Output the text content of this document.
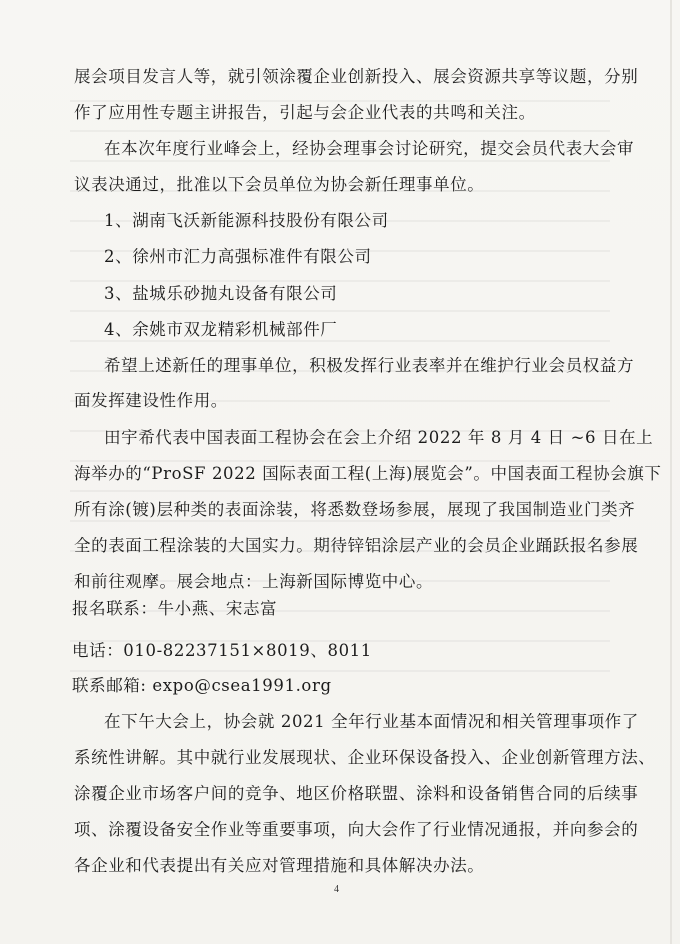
展会项目发言人等，就引领涂覆企业创新投入、展会资源共享等议题，分别
作了应用性专题主讲报告，引起与会企业代表的共鸣和关注。
在本次年度行业峰会上，经协会理事会讨论研究，提交会员代表大会审
议表决通过，批准以下会员单位为协会新任理事单位。
1、湖南飞沃新能源科技股份有限公司
2、徐州市汇力高强标准件有限公司
3、盐城乐砂抛丸设备有限公司
4、余姚市双龙精彩机械部件厂
希望上述新任的理事单位，积极发挥行业表率并在维护行业会员权益方
面发挥建设性作用。
田宇希代表中国表面工程协会在会上介绍 2022 年 8 月 4 日 ~6 日在上
海举办的“ProSF 2022 国际表面工程(上海)展览会”。中国表面工程协会旗下
所有涂(镀)层种类的表面涂装，将悉数登场参展，展现了我国制造业门类齐
全的表面工程涂装的大国实力。期待锌铝涂层产业的会员企业踊跃报名参展
和前往观摩。展会地点：上海新国际博览中心。
报名联系：牛小燕、宋志富
电话：010-82237151×8019、8011
联系邮箱: expo@csea1991.org
在下午大会上，协会就 2021 全年行业基本面情况和相关管理事项作了
系统性讲解。其中就行业发展现状、企业环保设备投入、企业创新管理方法、
涂覆企业市场客户间的竞争、地区价格联盟、涂料和设备销售合同的后续事
项、涂覆设备安全作业等重要事项，向大会作了行业情况通报，并向参会的
各企业和代表提出有关应对管理措施和具体解决办法。
4
